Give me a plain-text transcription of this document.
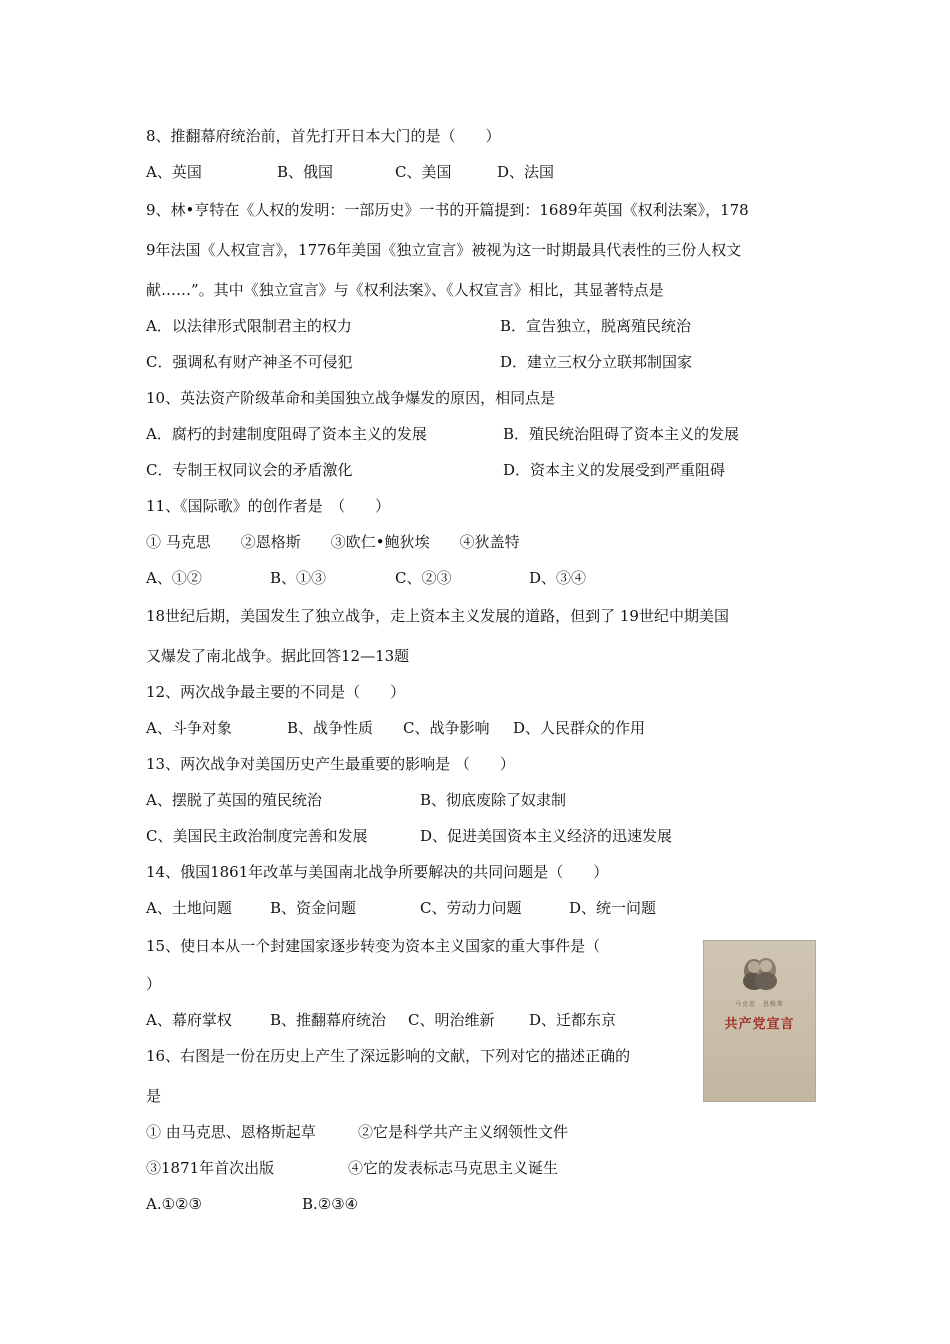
8、推翻幕府统治前，首先打开日本大门的是（　　）
A、英国	B、俄国	C、美国	D、法国
9、林•亨特在《人权的发明：一部历史》一书的开篇提到：1689年英国《权利法案》，178
9年法国《人权宣言》，1776年美国《独立宣言》被视为这一时期最具代表性的三份人权文
献……”。其中《独立宣言》与《权利法案》、《人权宣言》相比，其显著特点是
A．以法律形式限制君主的权力	B．宣告独立，脱离殖民统治
C．强调私有财产神圣不可侵犯	D．建立三权分立联邦制国家
10、英法资产阶级革命和美国独立战争爆发的原因，相同点是
A．腐朽的封建制度阻碍了资本主义的发展	B．殖民统治阻碍了资本主义的发展
C．专制王权同议会的矛盾激化	D．资本主义的发展受到严重阻碍
11、《国际歌》的创作者是　（　　）
① 马克思　　②恩格斯　　③欧仁•鲍狄埃　　④狄盖特
A、①②	B、①③	C、②③	D、③④
18世纪后期，美国发生了独立战争，走上资本主义发展的道路，但到了 19世纪中期美国
又爆发了南北战争。据此回答12—13题
12、两次战争最主要的不同是（　　）
A、斗争对象	B、战争性质 C、战争影响 D、人民群众的作用
13、两次战争对美国历史产生最重要的影响是 （　　）
A、摆脱了英国的殖民统治	B、彻底废除了奴隶制
C、美国民主政治制度完善和发展	D、促进美国资本主义经济的迅速发展
14、俄国1861年改革与美国南北战争所要解决的共同问题是（　　）
A、土地问题	B、资金问题	C、劳动力问题	D、统一问题
15、使日本从一个封建国家逐步转变为资本主义国家的重大事件是（
）
A、幕府掌权	B、推翻幕府统治 C、明治维新 D、迁都东京
16、右图是一份在历史上产生了深远影响的文献，下列对它的描述正确的
是
① 由马克思、恩格斯起草	②它是科学共产主义纲领性文件
③1871年首次出版	④它的发表标志马克思主义诞生
A.①②③	B.②③④
马克思　恩格斯
共产党宣言
